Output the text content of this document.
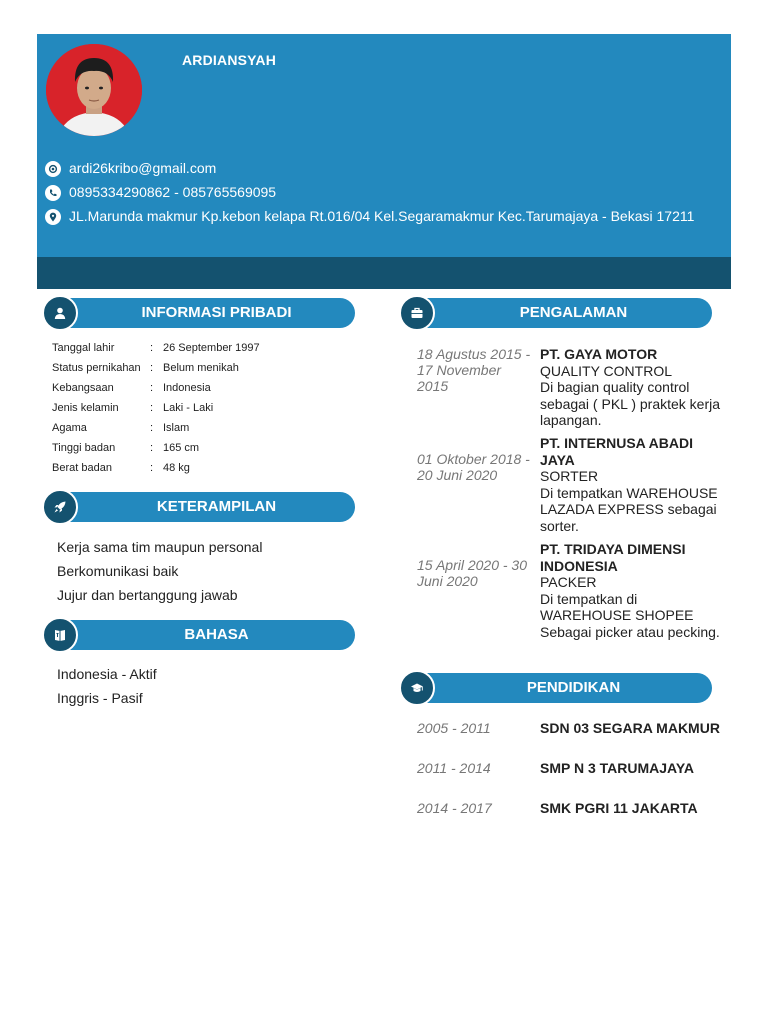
ARDIANSYAH
ardi26kribo@gmail.com
0895334290862 - 085765569095
JL.Marunda makmur Kp.kebon kelapa Rt.016/04 Kel.Segaramakmur Kec.Tarumajaya - Bekasi 17211
INFORMASI PRIBADI
Tanggal lahir	: 26 September 1997
Status pernikahan : Belum menikah
Kebangsaan	: Indonesia
Jenis kelamin	: Laki - Laki
Agama	: Islam
Tinggi badan	: 165 cm
Berat badan	: 48 kg
KETERAMPILAN
Kerja sama tim maupun personal
Berkomunikasi baik
Jujur dan bertanggung jawab
BAHASA
Indonesia - Aktif
Inggris - Pasif
PENGALAMAN
18 Agustus 2015 - 17 November 2015
PT. GAYA MOTOR
QUALITY CONTROL
Di bagian quality control sebagai ( PKL ) praktek kerja lapangan.
01 Oktober 2018 - 20 Juni 2020
PT. INTERNUSA ABADI JAYA
SORTER
Di tempatkan WAREHOUSE LAZADA EXPRESS sebagai sorter.
15 April 2020 - 30 Juni 2020
PT. TRIDAYA DIMENSI INDONESIA
PACKER
Di tempatkan di WAREHOUSE SHOPEE Sebagai picker atau pecking.
PENDIDIKAN
2005 - 2011	SDN 03 SEGARA MAKMUR
2011 - 2014	SMP N 3 TARUMAJAYA
2014 - 2017	SMK PGRI 11 JAKARTA
